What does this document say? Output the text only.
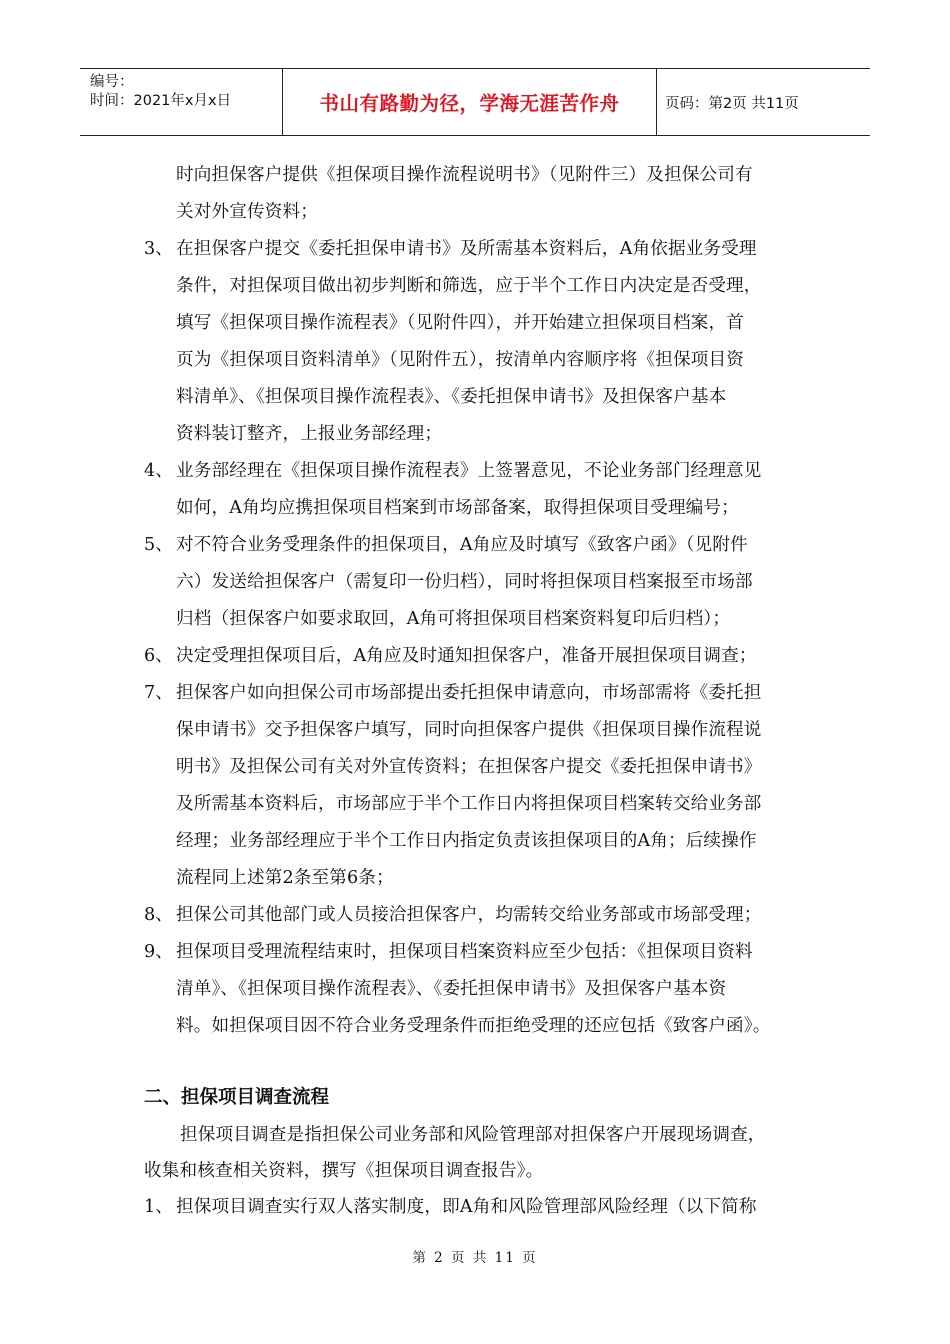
编号：
时间：2021年x月x日	书山有路勤为径，学海无涯苦作舟	页码：第2页 共11页
时向担保客户提供《担保项目操作流程说明书》（见附件三）及担保公司有
关对外宣传资料；
3、 在担保客户提交《委托担保申请书》及所需基本资料后，A角依据业务受理
条件，对担保项目做出初步判断和筛选，应于半个工作日内决定是否受理，
填写《担保项目操作流程表》（见附件四），并开始建立担保项目档案，首
页为《担保项目资料清单》（见附件五），按清单内容顺序将《担保项目资
料清单》、《担保项目操作流程表》、《委托担保申请书》及担保客户基本
资料装订整齐，上报业务部经理；
4、 业务部经理在《担保项目操作流程表》上签署意见，不论业务部门经理意见
如何，A角均应携担保项目档案到市场部备案，取得担保项目受理编号；
5、 对不符合业务受理条件的担保项目，A角应及时填写《致客户函》（见附件
六）发送给担保客户（需复印一份归档），同时将担保项目档案报至市场部
归档（担保客户如要求取回，A角可将担保项目档案资料复印后归档）；
6、 决定受理担保项目后，A角应及时通知担保客户，准备开展担保项目调查；
7、 担保客户如向担保公司市场部提出委托担保申请意向，市场部需将《委托担
保申请书》交予担保客户填写，同时向担保客户提供《担保项目操作流程说
明书》及担保公司有关对外宣传资料；在担保客户提交《委托担保申请书》
及所需基本资料后，市场部应于半个工作日内将担保项目档案转交给业务部
经理；业务部经理应于半个工作日内指定负责该担保项目的A角；后续操作
流程同上述第2条至第6条；
8、 担保公司其他部门或人员接洽担保客户，均需转交给业务部或市场部受理；
9、 担保项目受理流程结束时，担保项目档案资料应至少包括：《担保项目资料
清单》、《担保项目操作流程表》、《委托担保申请书》及担保客户基本资
料。如担保项目因不符合业务受理条件而拒绝受理的还应包括《致客户函》。
二、担保项目调查流程
担保项目调查是指担保公司业务部和风险管理部对担保客户开展现场调查，
收集和核查相关资料，撰写《担保项目调查报告》。
1、 担保项目调查实行双人落实制度，即A角和风险管理部风险经理（以下简称
第 2 页 共 11 页
